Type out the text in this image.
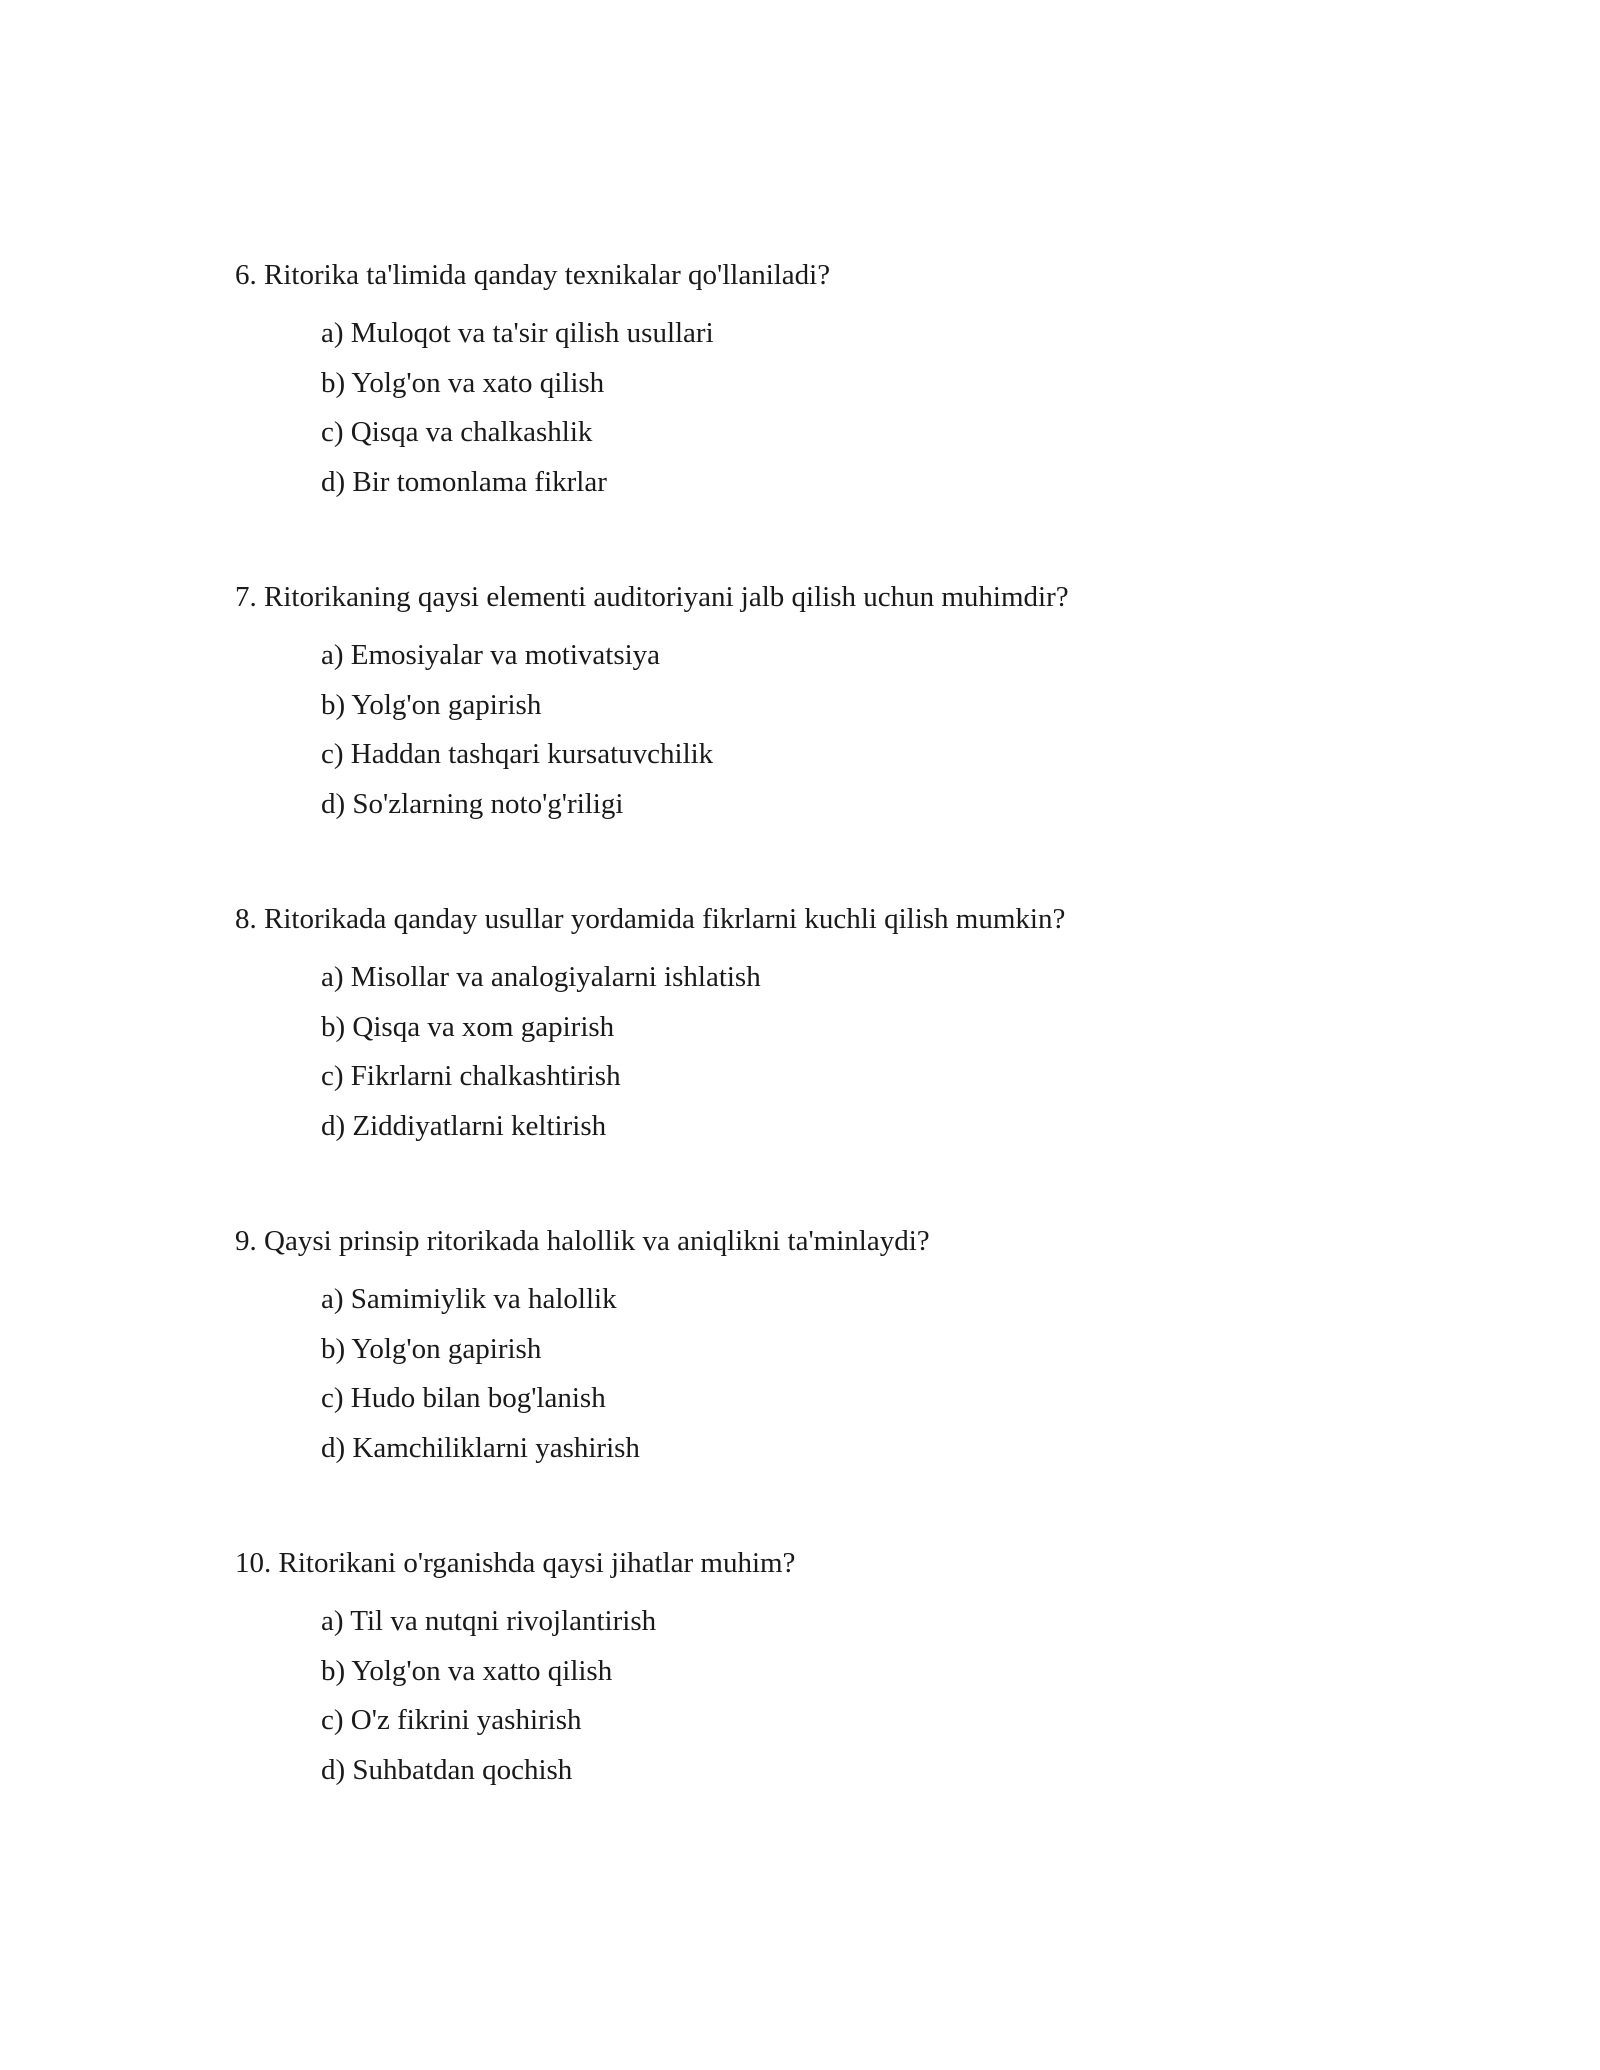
6. Ritorika ta'limida qanday texnikalar qo'llaniladi?

a) Muloqot va ta'sir qilish usullari
b) Yolg'on va xato qilish
c) Qisqa va chalkashlik
d) Bir tomonlama fikrlar

7. Ritorikaning qaysi elementi auditoriyani jalb qilish uchun muhimdir?

a) Emosiyalar va motivatsiya
b) Yolg'on gapirish
c) Haddan tashqari kursatuvchilik
d) So'zlarning noto'g'riligi

8. Ritorikada qanday usullar yordamida fikrlarni kuchli qilish mumkin?

a) Misollar va analogiyalarni ishlatish
b) Qisqa va xom gapirish
c) Fikrlarni chalkashtirish
d) Ziddiyatlarni keltirish

9. Qaysi prinsip ritorikada halollik va aniqlikni ta'minlaydi?

a) Samimiylik va halollik
b) Yolg'on gapirish
c) Hudo bilan bog'lanish
d) Kamchiliklarni yashirish

10. Ritorikani o'rganishda qaysi jihatlar muhim?

a) Til va nutqni rivojlantirish
b) Yolg'on va xatto qilish
c) O'z fikrini yashirish
d) Suhbatdan qochish
